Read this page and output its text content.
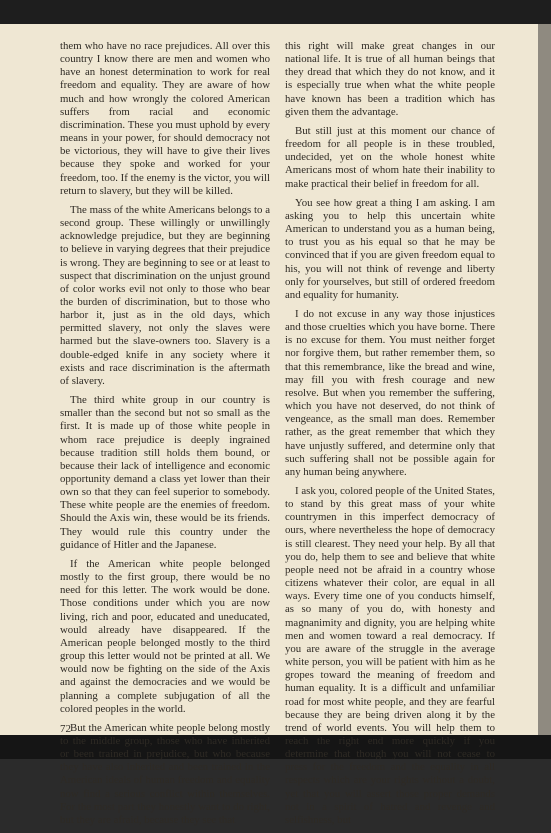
them who have no race prejudices. All over this country I know there are men and women who have an honest determination to work for real freedom and equality. They are aware of how much and how wrongly the colored American suffers from racial and economic discrimination. These you must uphold by every means in your power, for should democracy not be victorious, they will have to give their lives because they spoke and worked for your freedom, too. If the enemy is the victor, you will return to slavery, but they will be killed.

The mass of the white Americans belongs to a second group. These willingly or unwillingly acknowledge prejudice, but they are beginning to believe in varying degrees that their prejudice is wrong. They are beginning to see or at least to suspect that discrimination on the unjust ground of color works evil not only to those who bear the burden of discrimination, but to those who harbor it, just as in the old days, which permitted slavery, not only the slaves were harmed but the slave-owners too. Slavery is a double-edged knife in any society where it exists and race discrimination is the aftermath of slavery.

The third white group in our country is smaller than the second but not so small as the first. It is made up of those white people in whom race prejudice is deeply ingrained because tradition still holds them bound, or because their lack of intelligence and economic opportunity demand a class yet lower than their own so that they can feel superior to somebody. These white people are the enemies of freedom. Should the Axis win, these would be its friends. They would rule this country under the guidance of Hitler and the Japanese.

If the American white people belonged mostly to the first group, there would be no need for this letter. The work would be done. Those conditions under which you are now living, rich and poor, educated and uneducated, would already have disappeared. If the American people belonged mostly to the third group this letter would not be printed at all. We would now be fighting on the side of the Axis and against the democracies and we would be planning a complete subjugation of all the colored peoples in the world.

But the American white people belong mostly to the middle group, those who have inherited or been trained in prejudice, but who because they have also inherited and been trained in the American ideals of human freedom and equality now find a serious conflict within themselves. For the most part they honestly want to do right, but they are afraid, because they see that

this right will make great changes in our national life. It is true of all human beings that they dread that which they do not know, and it is especially true when what the white people have known has been a tradition which has given them the advantage.

But still just at this moment our chance of freedom for all people is in these troubled, undecided, yet on the whole honest white Americans most of whom hate their inability to make practical their belief in freedom for all.

You see how great a thing I am asking. I am asking you to help this uncertain white American to understand you as a human being, to trust you as his equal so that he may be convinced that if you are given freedom equal to his, you will not think of revenge and liberty only for yourselves, but still of ordered freedom and equality for humanity.

I do not excuse in any way those injustices and those cruelties which you have borne. There is no excuse for them. You must neither forget nor forgive them, but rather remember them, so that this remembrance, like the bread and wine, may fill you with fresh courage and new resolve. But when you remember the suffering, which you have not deserved, do not think of vengeance, as the small man does. Remember rather, as the great remember that which they have unjustly suffered, and determine only that such suffering shall not be possible again for any human being anywhere.

I ask you, colored people of the United States, to stand by this great mass of your white countrymen in this imperfect democracy of ours, where nevertheless the hope of democracy is still clearest. They need your help. By all that you do, help them to see and believe that white people need not be afraid in a country whose citizens whatever their color, are equal in all ways. Every time one of you conducts himself, as so many of you do, with honesty and magnanimity and dignity, you are helping white men and women toward a real democracy. If you are aware of the struggle in the average white person, you will be patient with him as he gropes toward the meaning of freedom and human equality. It is a difficult and unfamiliar road for most white people, and they are fearful because they are being driven along it by the trend of world events. You will help them to reach the right end more quickly if you determine that though you will not cease to press for the freedom and the equality in all respects which are your rights without a doubt, yet that you will assert those proper demands not in a spirit of hatred and revenge and selfishness, but

72
